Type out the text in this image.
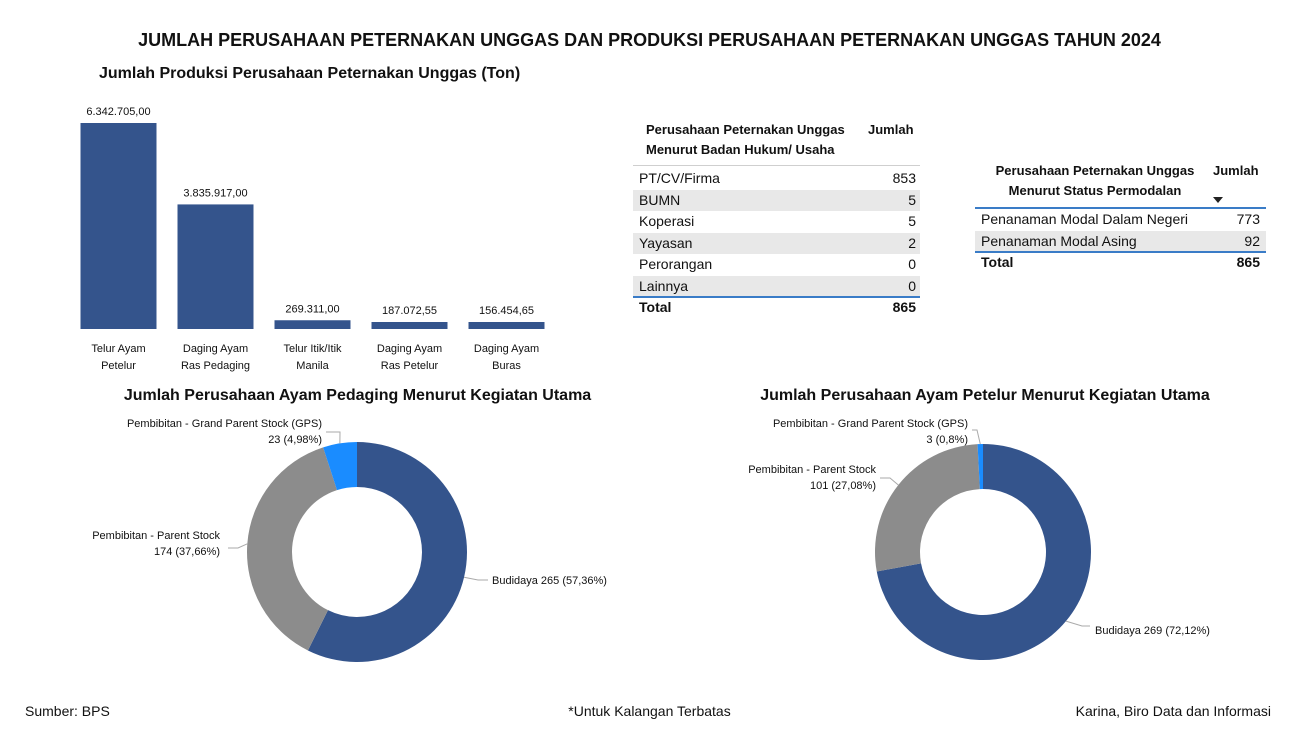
JUMLAH PERUSAHAAN PETERNAKAN UNGGAS DAN PRODUKSI PERUSAHAAN PETERNAKAN UNGGAS TAHUN 2024
Jumlah Produksi Perusahaan Peternakan Unggas (Ton)
6.342.705,00
Telur Ayam
Petelur
3.835.917,00
Daging Ayam
Ras Pedaging
269.311,00
Telur Itik/Itik
Manila
187.072,55
Daging Ayam
Ras Petelur
156.454,65
Daging Ayam
Buras
Perusahaan Peternakan Unggas
Menurut Badan Hukum/ Usaha
Jumlah
PT/CV/Firma	853
BUMN	5
Koperasi	5
Yayasan	2
Perorangan	0
Lainnya	0
Total	865
Perusahaan Peternakan Unggas
Menurut Status Permodalan
Jumlah
Penanaman Modal Dalam Negeri	773
Penanaman Modal Asing	92
Total	865
Jumlah Perusahaan Ayam Pedaging Menurut Kegiatan Utama	Jumlah Perusahaan Ayam Petelur Menurut Kegiatan Utama
Budidaya 265 (57,36%)
Pembibitan - Parent Stock
174 (37,66%)
Pembibitan - Grand Parent Stock (GPS)
23 (4,98%)
Budidaya 269 (72,12%)
Pembibitan - Parent Stock
101 (27,08%)
Pembibitan - Grand Parent Stock (GPS)
3 (0,8%)
Sumber: BPS	*Untuk Kalangan Terbatas	Karina, Biro Data dan Informasi
